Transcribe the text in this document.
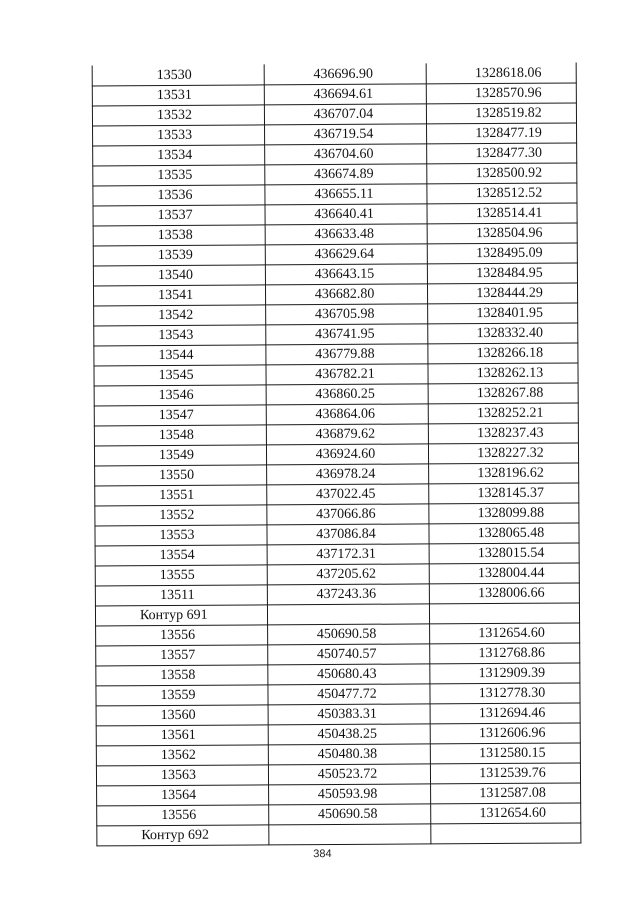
13530	436696.90	1328618.06
13531	436694.61	1328570.96
13532	436707.04	1328519.82
13533	436719.54	1328477.19
13534	436704.60	1328477.30
13535	436674.89	1328500.92
13536	436655.11	1328512.52
13537	436640.41	1328514.41
13538	436633.48	1328504.96
13539	436629.64	1328495.09
13540	436643.15	1328484.95
13541	436682.80	1328444.29
13542	436705.98	1328401.95
13543	436741.95	1328332.40
13544	436779.88	1328266.18
13545	436782.21	1328262.13
13546	436860.25	1328267.88
13547	436864.06	1328252.21
13548	436879.62	1328237.43
13549	436924.60	1328227.32
13550	436978.24	1328196.62
13551	437022.45	1328145.37
13552	437066.86	1328099.88
13553	437086.84	1328065.48
13554	437172.31	1328015.54
13555	437205.62	1328004.44
13511	437243.36	1328006.66
Контур 691		
13556	450690.58	1312654.60
13557	450740.57	1312768.86
13558	450680.43	1312909.39
13559	450477.72	1312778.30
13560	450383.31	1312694.46
13561	450438.25	1312606.96
13562	450480.38	1312580.15
13563	450523.72	1312539.76
13564	450593.98	1312587.08
13556	450690.58	1312654.60
Контур 692		
384
